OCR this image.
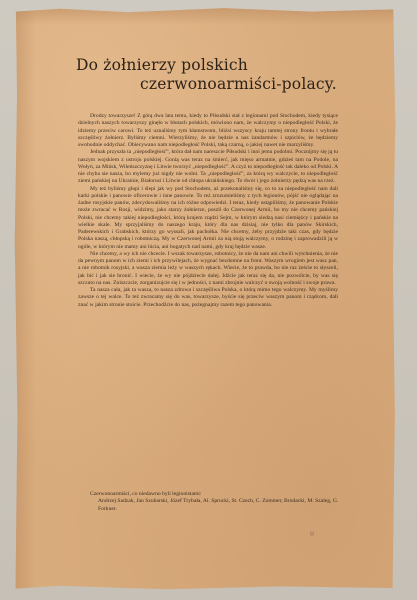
Do żołnierzy polskich
czerwonoarmiści-polacy.

Drodzy towarzysze! Z górą dwa lata temu, kiedy to Piłsudski stał z legionami pod Stochodem, kiedy tysiące dzielnych naszych towarzyszy ginęło w błotach polskich, mówiono nam, że walczymy o niepodległość Polski, że idziemy przeciw carowi. To też uznaliśmy tym kłamstwom, bliżsi wszyscy kraju tamtej strony frontu i wybrałe szczęśliwy żołnierz. Byliśmy ciemni. Wierzyliśmy, że nie będzie u nas żandarmów i szpiclów, że będziemy swobodnie oddychać. Obiecywano nam niepodległość Polski, taką czarną, o jakiej nawet nie marzyliśmy.

Jednak przyszła ta „niepodległość”, która dał nam nareszcie Piłsudski i inni jemu podobni. Pocznijmy się ją tu naszym wojskiem z ustroju polskiej. Gonią was teraz na śmierć, jak mięso armatnie, gdzieś tam na Podole, na Wołyń, za Mińsk, Wileńszczyznę i Litwie tworzyć „niepodległość”. A czyż to niepodległość tak daleko od Polski. A nie chyba sie nasza, bo mylemy już nigdy nie wolni. Ta „niepodległość”, za którą wy walczycie, to niepodległość ziemi pańskiej na Ukrainie, Białorusi i Litwie od chłopa ukraińskiego. To dwór i jego żołnierzy pędzą was na rzeź.

My też byliśmy głupi i ślepi jak wy pod Stochodem, aż przekonaliśmy się, co to za niepodległość nam dali karki polskie i panowie oficerowie i inne panowie. To też zrozumieliśmy z tych legionów, pójść nie oglądając na żadne rosyjskie panów, zdecydowaliśmy na ich różne odpowiedzi. I teraz, kiedy ustąpiliśmy, że panowanie Polskie może zwracać w Rosji, widzimy, jako starzy żołnierze, poszli do Czerwonej Armii, bo my nie chcemy pańskiej Polski, nie chcemy takiej niepodległości, którą krajem rządzi Sejm, w którym siedzą nasi ciemiężcy i pańskie na wielkie skale. My sprzyjaliśmy do naszego kraju, który dla nas dzisiaj, nie tylko dla panów Skirskich, Paderewskich i Grabskich, którzy go wyssali, jak pachołka. Nie chcemy, żeby przyjdzie taki czas, gdy będzie Polska naszą, chłopską i robotniczą. My w Czerwonej Armii za nią stoją walczymy, o rodzinę i zaprowadzili ją w ogóle, w którym nie mamy ani bicia, ani bogatych nad nami, gdy kraj będzie wasze.

Nie chcemy, a wy ich nie chcecie. I wszak towarzysze, robotnicy, że nie da nam ani chwili wytchnienia, że nie da pewnym panom w ich ziemi i ich przywilejach, że wygnać bezdomne na front. Waszym wrogiem jest wasz pan, a nie robotnik rosyjski, a wasza ziemia leży w waszych rękach. Wiecie, że to prawda, bo nie raz żeście to słyszeli, jak bić i jak sie bronić. I wiecie, że wy nie pójdziecie dalej. Idźcie jak teraz się da, nie pozwólcie, by was się szczuto na nas. Zniszczcie, zorganizujcie się i w jedności, z nami zbrojnie walczyć o swoją wolność i swoje prawa.

Ta nasza cała, jak ta wasza, to nasza zdrowa i szczęśliwa Polska, o którą mimo tego walczymy. My myślimy zawsze o tej walce. To też zwracamy się do was, towarzysze, byście się przeciw waszym panom i rządcom, dali znać w jakim stronie stoicie. Przechodźcie do nas, pożegnajmy razem tego panowania.

Czerwonoarmiści, co niedawno byli legionistami:
Andrzej Sadzak, Jan Szubarski, Józef Trybała, Al. Sprucki, St. Czech, C. Zommer, Brodacki, M. Szaleg, G. Forkner.
W
